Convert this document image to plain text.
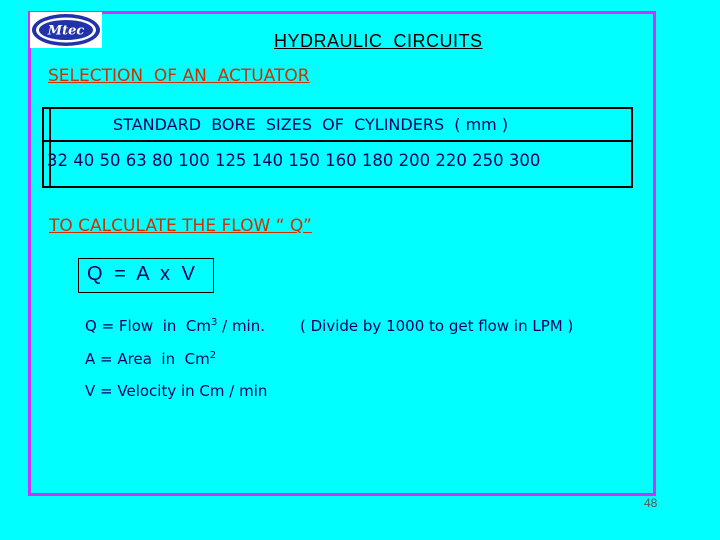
Mtec	HYDRAULIC  CIRCUITS
SELECTION  OF AN  ACTUATOR
STANDARD  BORE  SIZES  OF  CYLINDERS  ( mm )
32 40 50 63 80 100 125 140 150 160 180 200 220 250 300
TO CALCULATE THE FLOW “ Q”
Q = A x V
Q = Flow  in  Cm$^3$ / min. ( Divide by 1000 to get flow in LPM )
A = Area  in  Cm$^2$
V = Velocity in Cm / min
48
